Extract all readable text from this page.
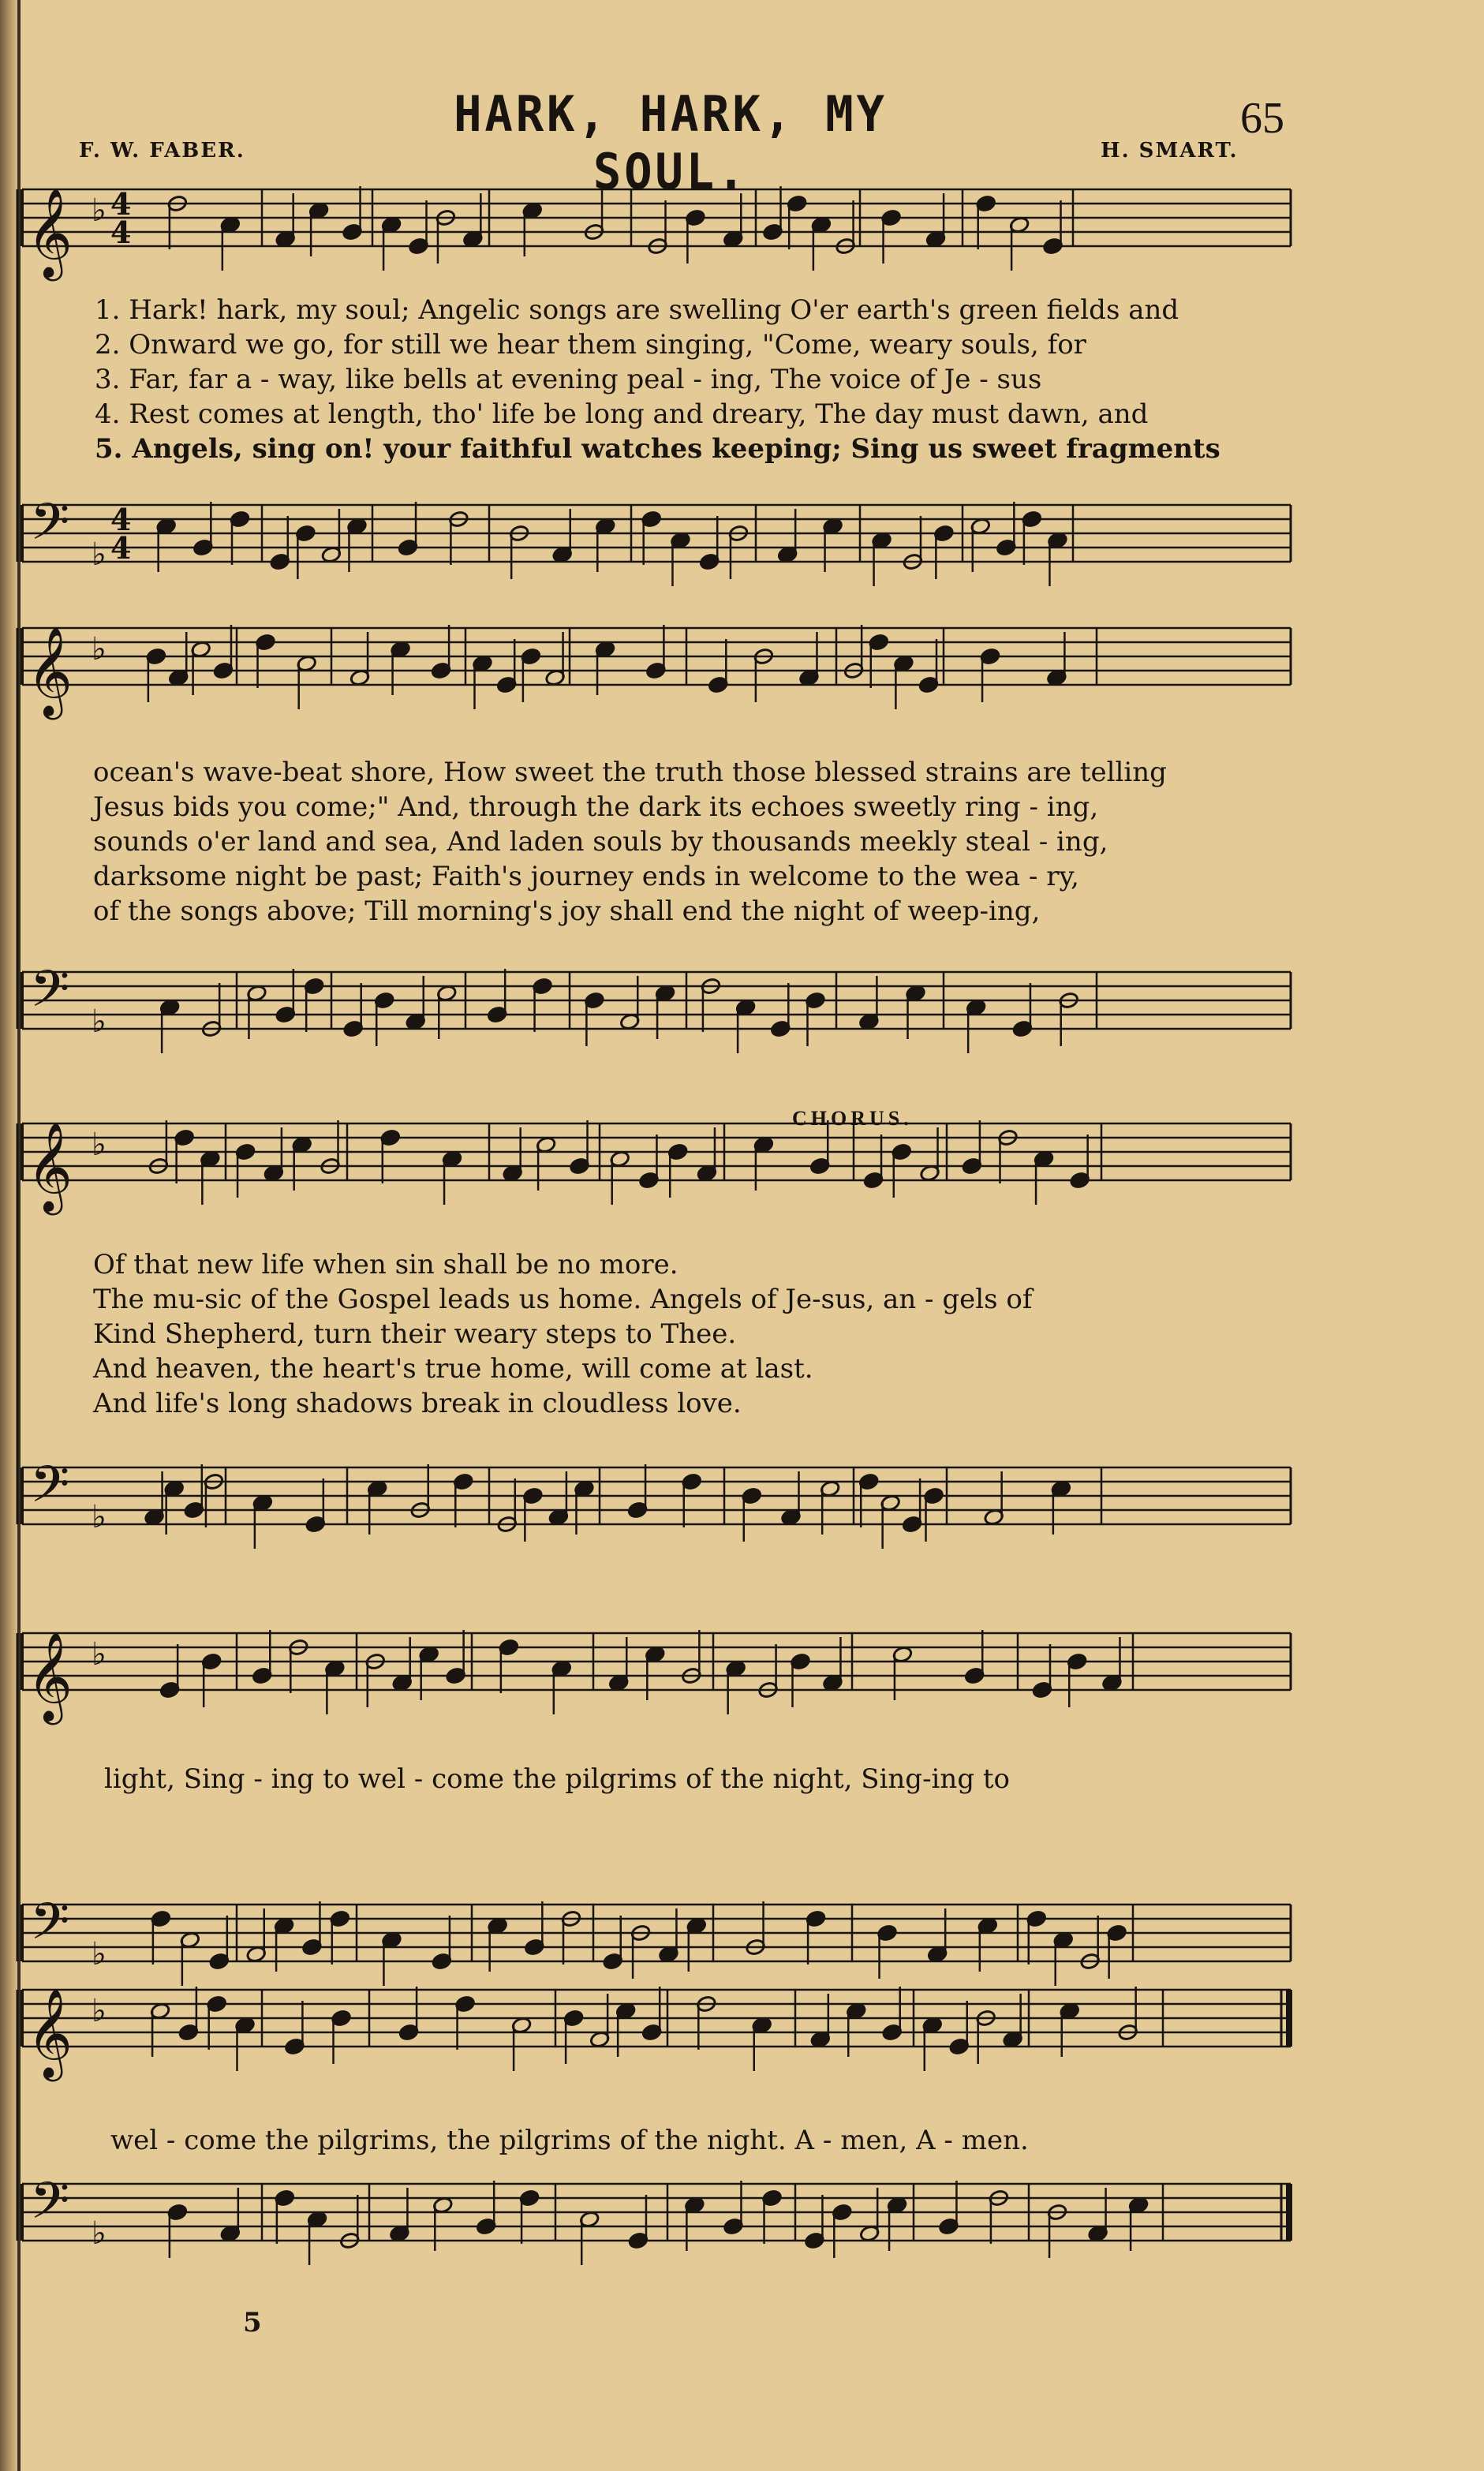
HARK, HARK, MY SOUL.
65
F. W. FABER.	H. SMART.
𝄞 ♭ 4
4
𝄢 ♭
4
4
𝄞 ♭
𝄢 ♭
𝄞 ♭
𝄢 ♭
𝄞 ♭
𝄢 ♭
𝄞 ♭
𝄢 ♭
CHORUS.
1. Hark! hark, my soul; Angelic songs are swelling O'er earth's green fields and
2. Onward we go, for still we hear them singing, "Come, weary souls, for
3. Far, far a - way, like bells at evening peal - ing, The voice of Je - sus
4. Rest comes at length, tho' life be long and dreary, The day must dawn, and
5. Angels, sing on! your faithful watches keeping; Sing us sweet fragments
ocean's wave-beat shore, How sweet the truth those blessed strains are telling
Jesus bids you come;" And, through the dark its echoes sweetly ring - ing,
sounds o'er land and sea, And laden souls by thousands meekly steal - ing,
darksome night be past; Faith's journey ends in welcome to the wea - ry,
of the songs above; Till morning's joy shall end the night of weep-ing,
Of that new life when sin shall be no more.
The mu-sic of the Gospel leads us home. Angels of Je-sus, an - gels of
Kind Shepherd, turn their weary steps to Thee.
And heaven, the heart's true home, will come at last.
And life's long shadows break in cloudless love.
light, Sing - ing to wel - come the pilgrims of the night, Sing-ing to
wel - come the pilgrims, the pilgrims of the night. A - men, A - men.
5
